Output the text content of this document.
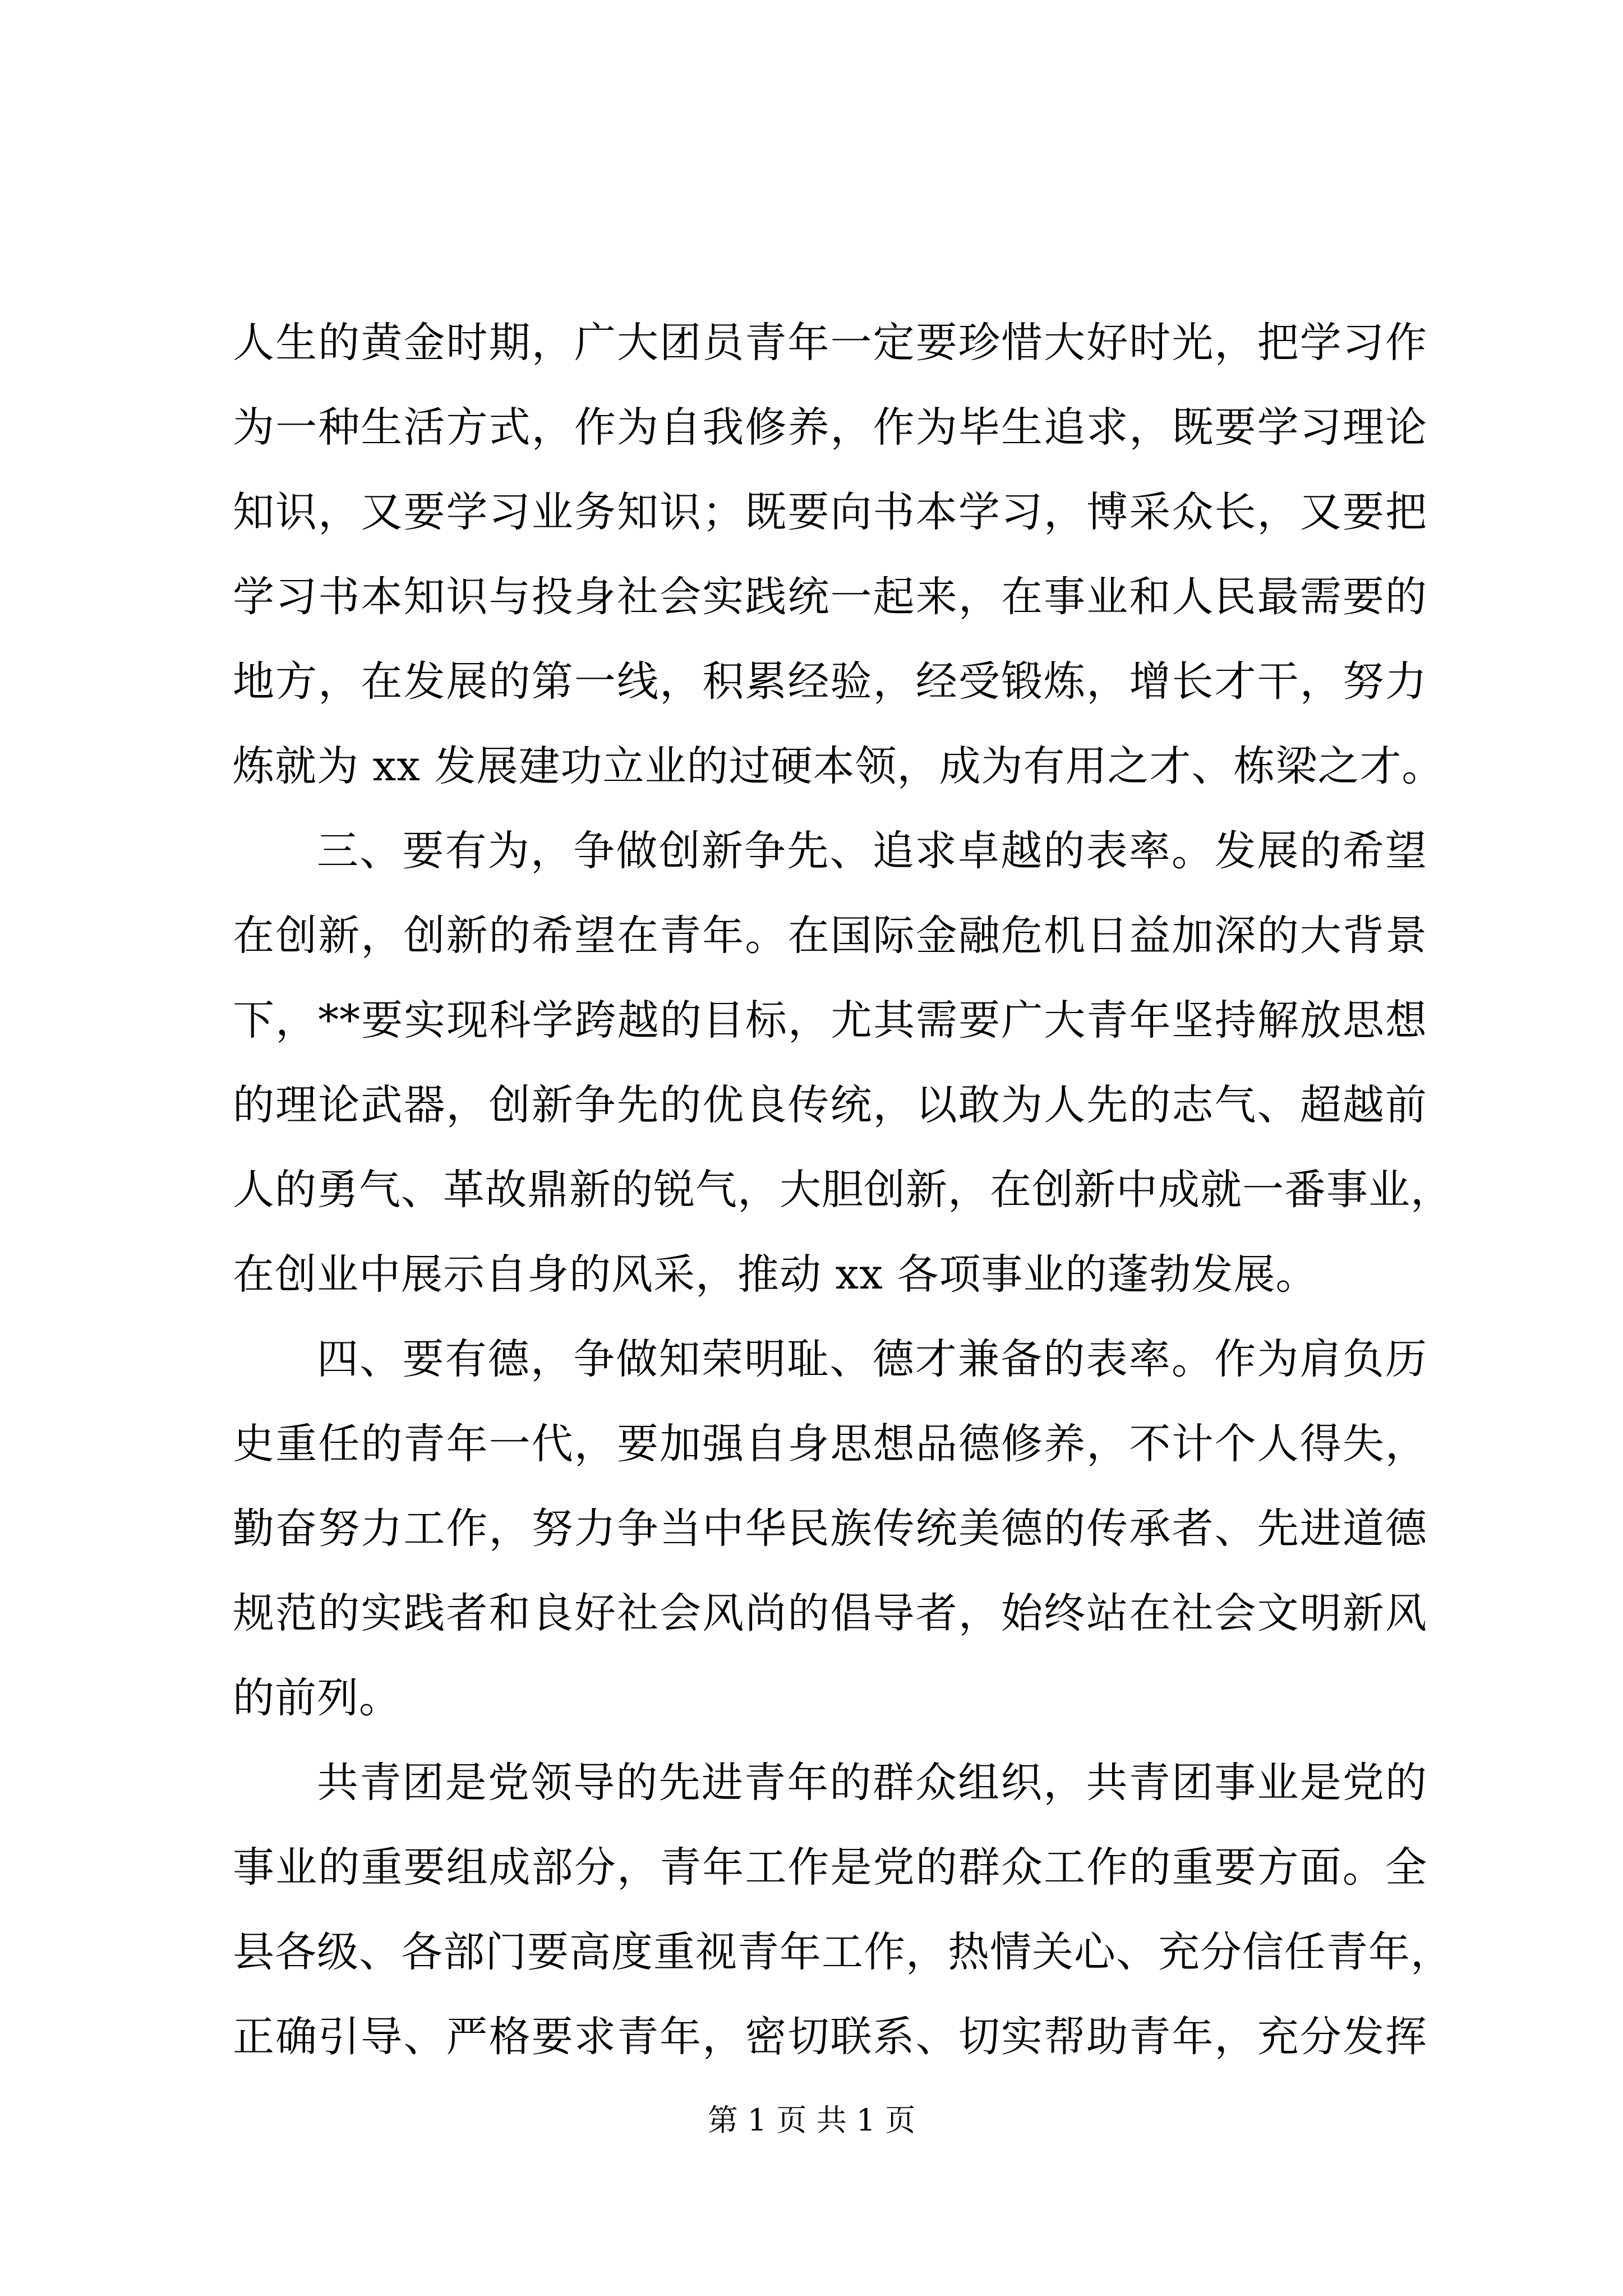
人生的黄金时期，广大团员青年一定要珍惜大好时光，把学习作
为一种生活方式，作为自我修养，作为毕生追求，既要学习理论
知识，又要学习业务知识；既要向书本学习，博采众长，又要把
学习书本知识与投身社会实践统一起来，在事业和人民最需要的
地方，在发展的第一线，积累经验，经受锻炼，增长才干，努力
炼就为 xx 发展建功立业的过硬本领，成为有用之才、栋梁之才。
三、要有为，争做创新争先、追求卓越的表率。发展的希望
在创新，创新的希望在青年。在国际金融危机日益加深的大背景
下，**要实现科学跨越的目标，尤其需要广大青年坚持解放思想
的理论武器，创新争先的优良传统，以敢为人先的志气、超越前
人的勇气、革故鼎新的锐气，大胆创新，在创新中成就一番事业，
在创业中展示自身的风采，推动 xx 各项事业的蓬勃发展。
四、要有德，争做知荣明耻、德才兼备的表率。作为肩负历
史重任的青年一代，要加强自身思想品德修养，不计个人得失，
勤奋努力工作，努力争当中华民族传统美德的传承者、先进道德
规范的实践者和良好社会风尚的倡导者，始终站在社会文明新风
的前列。
共青团是党领导的先进青年的群众组织，共青团事业是党的
事业的重要组成部分，青年工作是党的群众工作的重要方面。全
县各级、各部门要高度重视青年工作，热情关心、充分信任青年，
正确引导、严格要求青年，密切联系、切实帮助青年，充分发挥
第 1 页 共 1 页
